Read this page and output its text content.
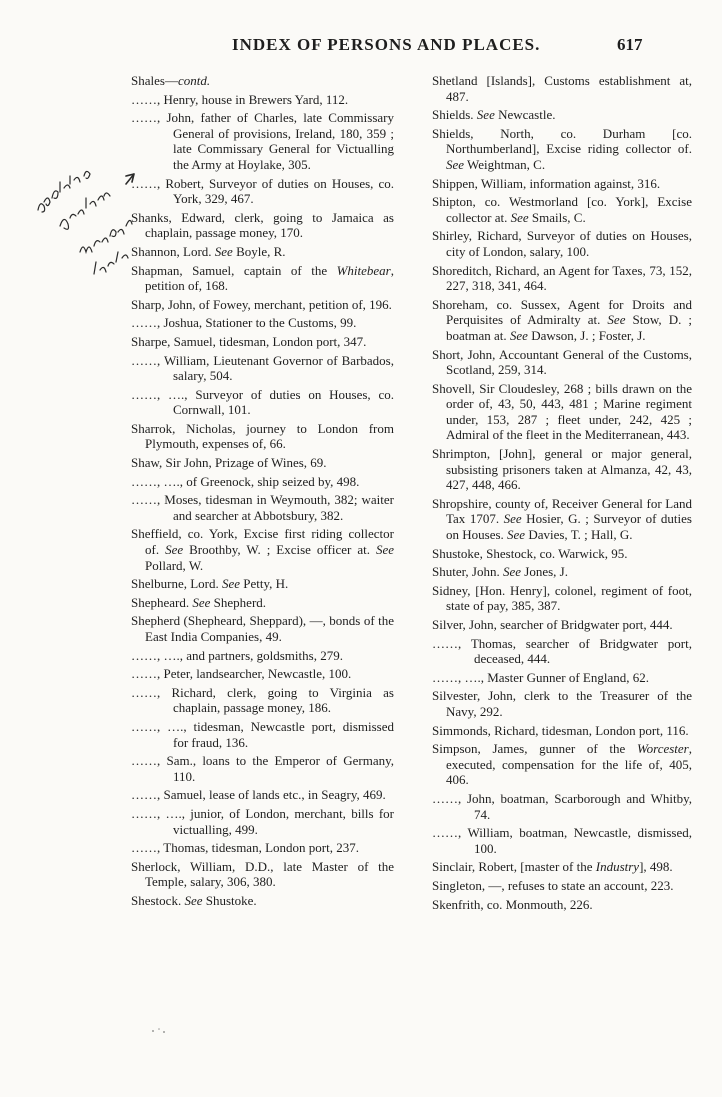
INDEX OF PERSONS AND PLACES.	617

Shales—contd.

……, Henry, house in Brewers Yard, 112.

……, John, father of Charles, late Commissary General of provisions, Ireland, 180, 359 ; late Commissary General for Victualling the Army at Hoylake, 305.

……, Robert, Surveyor of duties on Houses, co. York, 329, 467.

Shanks, Edward, clerk, going to Jamaica as chaplain, passage money, 170.

Shannon, Lord. See Boyle, R.

Shapman, Samuel, captain of the Whitebear, petition of, 168.

Sharp, John, of Fowey, merchant, petition of, 196.

……, Joshua, Stationer to the Customs, 99.

Sharpe, Samuel, tidesman, London port, 347.

……, William, Lieutenant Governor of Barbados, salary, 504.

……, …., Surveyor of duties on Houses, co. Cornwall, 101.

Sharrok, Nicholas, journey to London from Plymouth, expenses of, 66.

Shaw, Sir John, Prizage of Wines, 69.

……, …., of Greenock, ship seized by, 498.

……, Moses, tidesman in Weymouth, 382; waiter and searcher at Abbotsbury, 382.

Sheffield, co. York, Excise first riding collector of. See Broothby, W. ; Excise officer at. See Pollard, W.

Shelburne, Lord. See Petty, H.

Shepheard. See Shepherd.

Shepherd (Shepheard, Sheppard), —, bonds of the East India Companies, 49.

……, …., and partners, goldsmiths, 279.

……, Peter, landsearcher, Newcastle, 100.

……, Richard, clerk, going to Virginia as chaplain, passage money, 186.

……, …., tidesman, Newcastle port, dismissed for fraud, 136.

……, Sam., loans to the Emperor of Germany, 110.

……, Samuel, lease of lands etc., in Seagry, 469.

……, …., junior, of London, merchant, bills for victualling, 499.

……, Thomas, tidesman, London port, 237.

Sherlock, William, D.D., late Master of the Temple, salary, 306, 380.

Shestock. See Shustoke.

Shetland [Islands], Customs establishment at, 487.

Shields. See Newcastle.

Shields, North, co. Durham [co. Northumberland], Excise riding collector of. See Weightman, C.

Shippen, William, information against, 316.

Shipton, co. Westmorland [co. York], Excise collector at. See Smails, C.

Shirley, Richard, Surveyor of duties on Houses, city of London, salary, 100.

Shoreditch, Richard, an Agent for Taxes, 73, 152, 227, 318, 341, 464.

Shoreham, co. Sussex, Agent for Droits and Perquisites of Admiralty at. See Stow, D. ; boatman at. See Dawson, J. ; Foster, J.

Short, John, Accountant General of the Customs, Scotland, 259, 314.

Shovell, Sir Cloudesley, 268 ; bills drawn on the order of, 43, 50, 443, 481 ; Marine regiment under, 153, 287 ; fleet under, 242, 425 ; Admiral of the fleet in the Mediterranean, 443.

Shrimpton, [John], general or major general, subsisting prisoners taken at Almanza, 42, 43, 427, 448, 466.

Shropshire, county of, Receiver General for Land Tax 1707. See Hosier, G. ; Surveyor of duties on Houses. See Davies, T. ; Hall, G.

Shustoke, Shestock, co. Warwick, 95.

Shuter, John. See Jones, J.

Sidney, [Hon. Henry], colonel, regiment of foot, state of pay, 385, 387.

Silver, John, searcher of Bridgwater port, 444.

……, Thomas, searcher of Bridgwater port, deceased, 444.

……, …., Master Gunner of England, 62.

Silvester, John, clerk to the Treasurer of the Navy, 292.

Simmonds, Richard, tidesman, London port, 116.

Simpson, James, gunner of the Worcester, executed, compensation for the life of, 405, 406.

……, John, boatman, Scarborough and Whitby, 74.

……, William, boatman, Newcastle, dismissed, 100.

Sinclair, Robert, [master of the Industry], 498.

Singleton, —, refuses to state an account, 223.

Skenfrith, co. Monmouth, 226.
